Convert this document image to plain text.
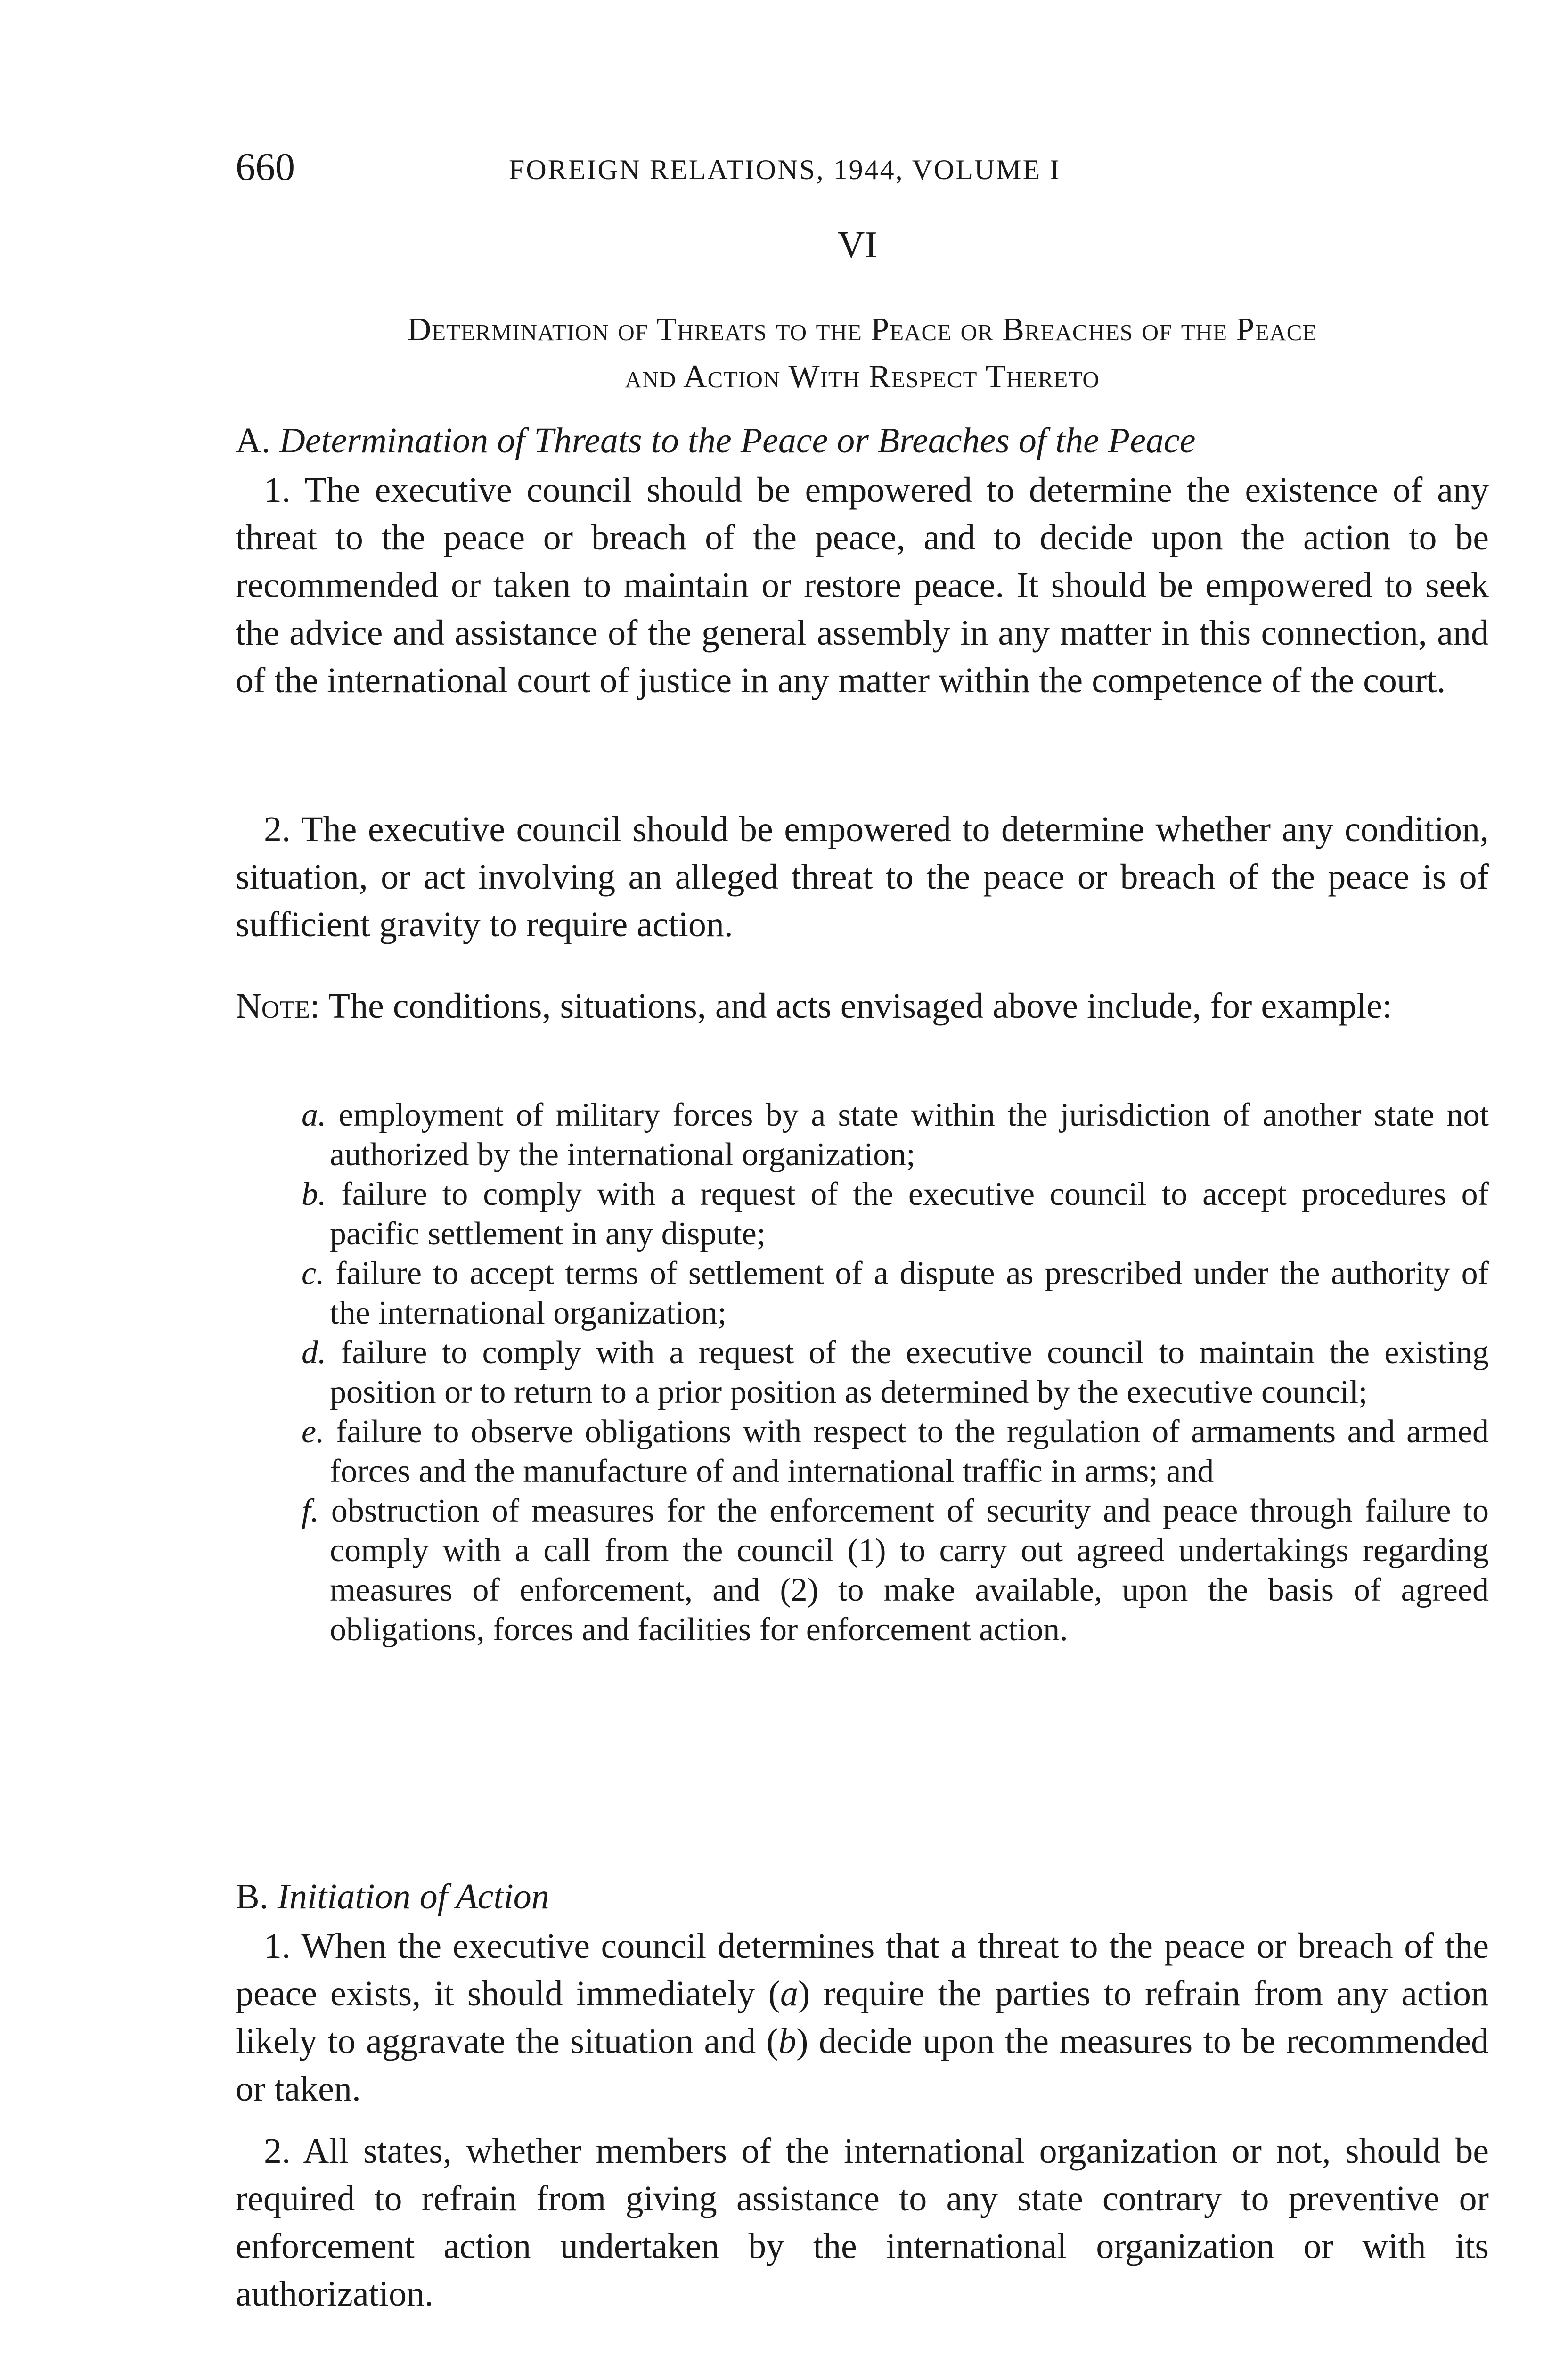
660	FOREIGN RELATIONS, 1944, VOLUME I
VI
Determination of Threats to the Peace or Breaches of the Peace
and Action With Respect Thereto
A. Determination of Threats to the Peace or Breaches of the Peace

1. The executive council should be empowered to determine the existence of any threat to the peace or breach of the peace, and to decide upon the action to be recommended or taken to maintain or restore peace. It should be empowered to seek the advice and assistance of the general assembly in any matter in this connection, and of the international court of justice in any matter within the competence of the court.

2. The executive council should be empowered to determine whether any condition, situation, or act involving an alleged threat to the peace or breach of the peace is of sufficient gravity to require action.

Note: The conditions, situations, and acts envisaged above include, for example:

a. employment of military forces by a state within the jurisdiction of another state not authorized by the international organization;

b. failure to comply with a request of the executive council to accept procedures of pacific settlement in any dispute;

c. failure to accept terms of settlement of a dispute as prescribed under the authority of the international organization;

d. failure to comply with a request of the executive council to maintain the existing position or to return to a prior position as determined by the executive council;

e. failure to observe obligations with respect to the regulation of armaments and armed forces and the manufacture of and international traffic in arms; and

f. obstruction of measures for the enforcement of security and peace through failure to comply with a call from the council (1) to carry out agreed undertakings regarding measures of enforcement, and (2) to make available, upon the basis of agreed obligations, forces and facilities for enforcement action.

B. Initiation of Action

1. When the executive council determines that a threat to the peace or breach of the peace exists, it should immediately (a) require the parties to refrain from any action likely to aggravate the situation and (b) decide upon the measures to be recommended or taken.

2. All states, whether members of the international organization or not, should be required to refrain from giving assistance to any state contrary to preventive or enforcement action undertaken by the international organization or with its authorization.
